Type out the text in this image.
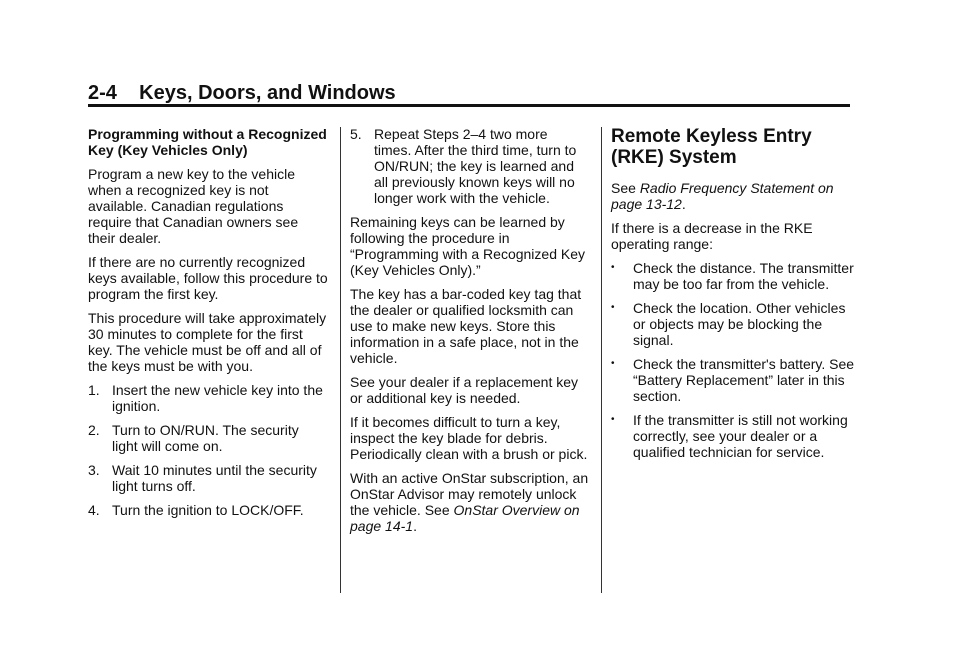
2-4 Keys, Doors, and Windows

Programming without a Recognized Key (Key Vehicles Only)

Program a new key to the vehicle when a recognized key is not available. Canadian regulations require that Canadian owners see their dealer.

If there are no currently recognized keys available, follow this procedure to program the first key.

This procedure will take approximately 30 minutes to complete for the first key. The vehicle must be off and all of the keys must be with you.

1. Insert the new vehicle key into the ignition.
2. Turn to ON/RUN. The security light will come on.
3. Wait 10 minutes until the security light turns off.
4. Turn the ignition to LOCK/OFF.
5. Repeat Steps 2–4 two more times. After the third time, turn to ON/RUN; the key is learned and all previously known keys will no longer work with the vehicle.

Remaining keys can be learned by following the procedure in “Programming with a Recognized Key (Key Vehicles Only).”

The key has a bar-coded key tag that the dealer or qualified locksmith can use to make new keys. Store this information in a safe place, not in the vehicle.

See your dealer if a replacement key or additional key is needed.

If it becomes difficult to turn a key, inspect the key blade for debris. Periodically clean with a brush or pick.

With an active OnStar subscription, an OnStar Advisor may remotely unlock the vehicle. See OnStar Overview on page 14-1.

Remote Keyless Entry (RKE) System

See Radio Frequency Statement on page 13-12.

If there is a decrease in the RKE operating range:

•	Check the distance. The transmitter may be too far from the vehicle.
•	Check the location. Other vehicles or objects may be blocking the signal.
•	Check the transmitter's battery. See “Battery Replacement” later in this section.
•	If the transmitter is still not working correctly, see your dealer or a qualified technician for service.
